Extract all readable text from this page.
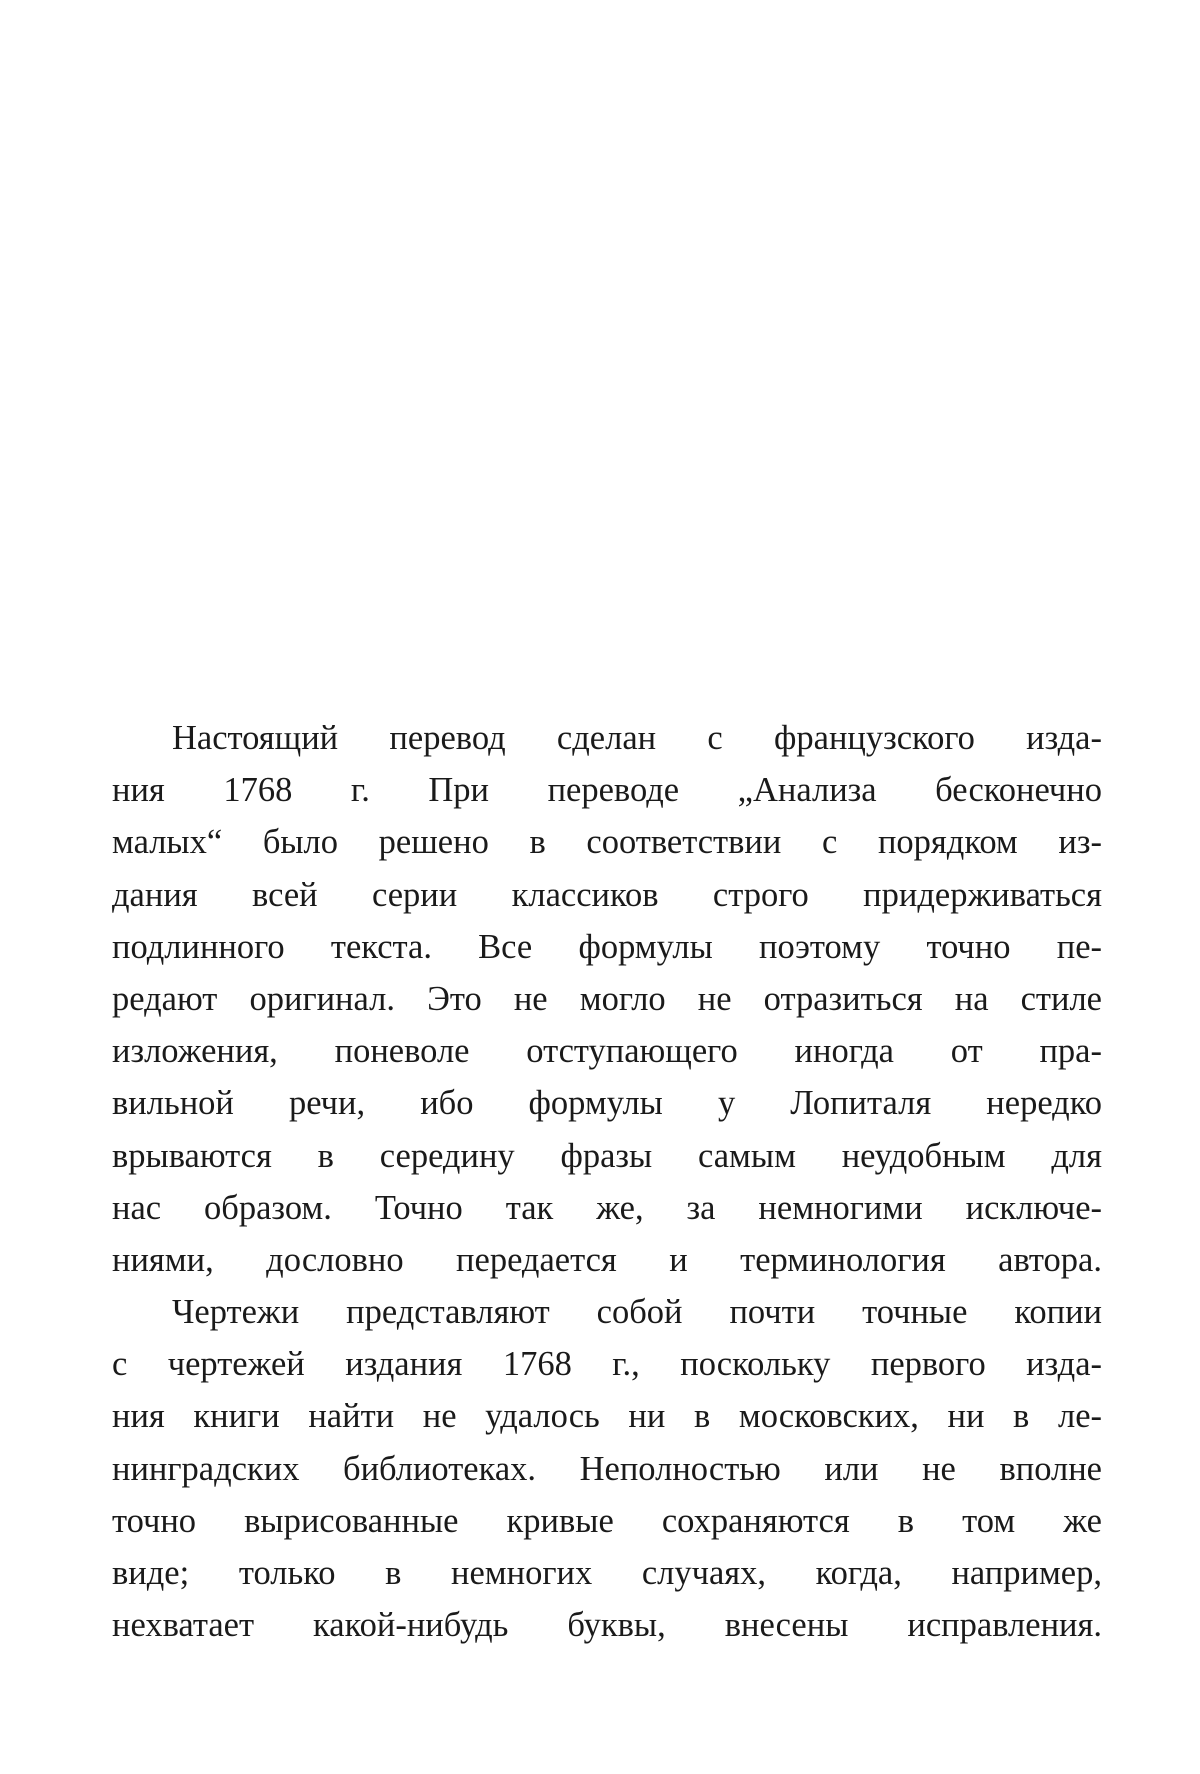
Настоящий перевод сделан с французского изда-
ния 1768 г. При переводе „Анализа бесконечно
малых“ было решено в соответствии с порядком из-
дания всей серии классиков строго придерживаться
подлинного текста. Все формулы поэтому точно пе-
редают оригинал. Это не могло не отразиться на стиле
изложения, поневоле отступающего иногда от пра-
вильной речи, ибо формулы у Лопиталя нередко
врываются в середину фразы самым неудобным для
нас образом. Точно так же, за немногими исключе-
ниями, дословно передается и терминология автора.
Чертежи представляют собой почти точные копии
с чертежей издания 1768 г., поскольку первого изда-
ния книги найти не удалось ни в московских, ни в ле-
нинградских библиотеках. Неполностью или не вполне
точно вырисованные кривые сохраняются в том же
виде; только в немногих случаях, когда, например,
нехватает какой-нибудь буквы, внесены исправления.
